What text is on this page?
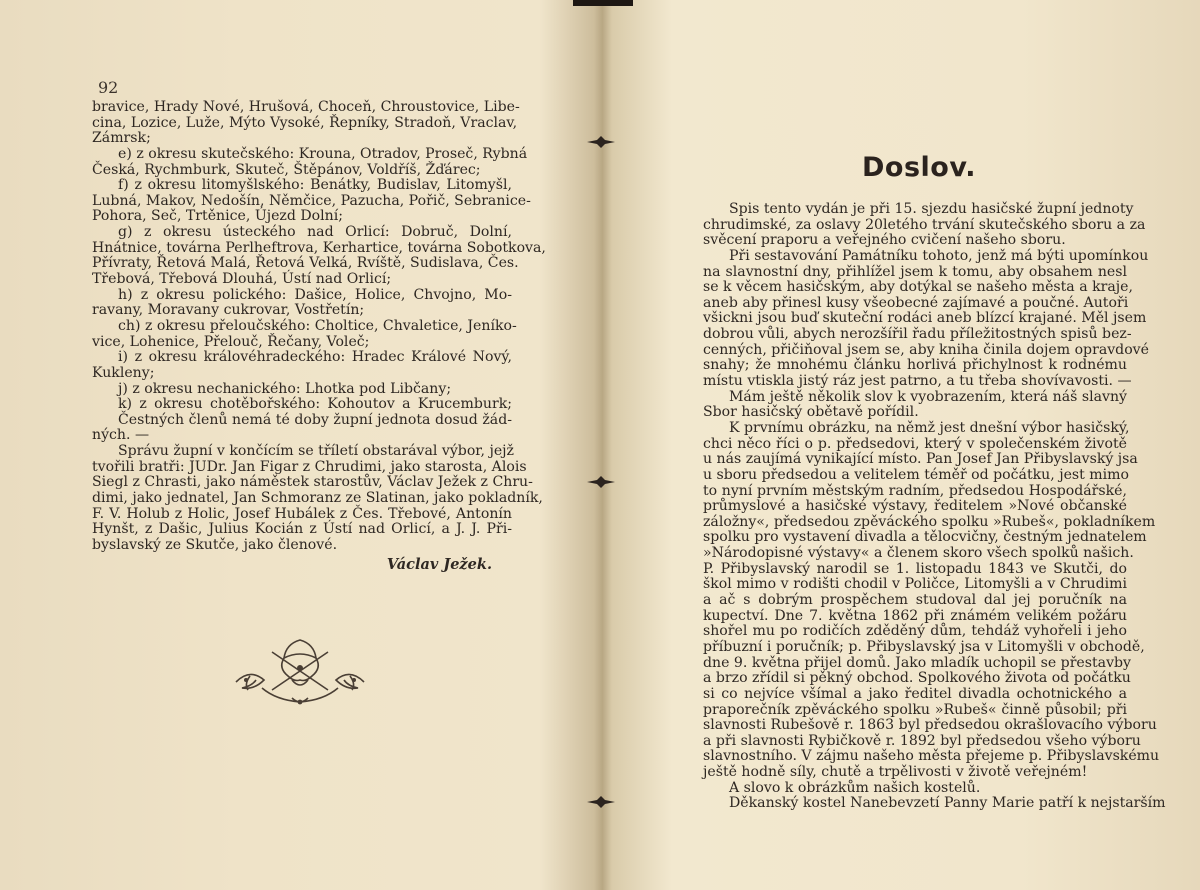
92
bravice, Hrady Nové, Hrušová, Choceň, Chroustovice, Libe-
cina, Lozice, Luže, Mýto Vysoké, Řepníky, Stradoň, Vraclav,
Zámrsk;
e) z okresu skutečského: Krouna, Otradov, Proseč, Rybná
Česká, Rychmburk, Skuteč, Štěpánov, Voldříš, Žďárec;
f) z okresu litomyšlského: Benátky, Budislav, Litomyšl,
Lubná, Makov, Nedošín, Němčice, Pazucha, Pořič, Sebranice-
Pohora, Seč, Trtěnice, Újezd Dolní;
g) z okresu ústeckého nad Orlicí: Dobruč, Dolní,
Hnátnice, továrna Perlheftrova, Kerhartice, továrna Sobotkova,
Přívraty, Řetová Malá, Řetová Velká, Rvíště, Sudislava, Čes.
Třebová, Třebová Dlouhá, Ústí nad Orlicí;
h) z okresu polického: Dašice, Holice, Chvojno, Mo-
ravany, Moravany cukrovar, Vostřetín;
ch) z okresu přeloučského: Choltice, Chvaletice, Jeníko-
vice, Lohenice, Přelouč, Řečany, Voleč;
i) z okresu královéhradeckého: Hradec Králové Nový,
Kukleny;
j) z okresu nechanického: Lhotka pod Libčany;
k) z okresu chotěbořského: Kohoutov a Krucemburk;
Čestných členů nemá té doby župní jednota dosud žád-
ných. —
Správu župní v končícím se tříletí obstarával výbor, jejž
tvořili bratři: JUDr. Jan Figar z Chrudimi, jako starosta, Alois
Siegl z Chrasti, jako náměstek starostův, Václav Ježek z Chru-
dimi, jako jednatel, Jan Schmoranz ze Slatinan, jako pokladník,
F. V. Holub z Holic, Josef Hubálek z Čes. Třebové, Antonín
Hynšt, z Dašic, Julius Kocián z Ústí nad Orlicí, a J. J. Při-
byslavský ze Skutče, jako členové.
Václav Ježek.
Doslov.
Spis tento vydán je při 15. sjezdu hasičské župní jednoty
chrudimské, za oslavy 20letého trvání skutečského sboru a za
svěcení praporu a veřejného cvičení našeho sboru.
Při sestavování Památníku tohoto, jenž má býti upomínkou
na slavnostní dny, přihlížel jsem k tomu, aby obsahem nesl
se k věcem hasičským, aby dotýkal se našeho města a kraje,
aneb aby přinesl kusy všeobecné zajímavé a poučné. Autoři
všickni jsou buď skuteční rodáci aneb blízcí krajané. Měl jsem
dobrou vůli, abych nerozšířil řadu příležitostných spisů bez-
cenných, přičiňoval jsem se, aby kniha činila dojem opravdové
snahy; že mnohému článku horlivá přichylnost k rodnému
místu vtiskla jistý ráz jest patrno, a tu třeba shovívavosti. —
Mám ještě několik slov k vyobrazením, která náš slavný
Sbor hasičský obětavě pořídil.
K prvnímu obrázku, na němž jest dnešní výbor hasičský,
chci něco říci o p. předsedovi, který v společenském životě
u nás zaujímá vynikající místo. Pan Josef Jan Přibyslavský jsa
u sboru předsedou a velitelem téměř od počátku, jest mimo
to nyní prvním městským radním, předsedou Hospodářské,
průmyslové a hasičské výstavy, ředitelem »Nové občanské
záložny«, předsedou zpěváckého spolku »Rubeš«, pokladníkem
spolku pro vystavení divadla a tělocvičny, čestným jednatelem
»Národopisné výstavy« a členem skoro všech spolků našich.
P. Přibyslavský narodil se 1. listopadu 1843 ve Skutči, do
škol mimo v rodišti chodil v Poličce, Litomyšli a v Chrudimi
a ač s dobrým prospěchem studoval dal jej poručník na
kupectví. Dne 7. května 1862 při známém velikém požáru
shořel mu po rodičích zděděný dům, tehdáž vyhořeli i jeho
příbuzní i poručník; p. Přibyslavský jsa v Litomyšli v obchodě,
dne 9. května přijel domů. Jako mladík uchopil se přestavby
a brzo zřídil si pěkný obchod. Spolkového života od počátku
si co nejvíce všímal a jako ředitel divadla ochotnického a
praporečník zpěváckého spolku »Rubeš« činně působil; při
slavnosti Rubešově r. 1863 byl předsedou okrašlovacího výboru
a při slavnosti Rybičkově r. 1892 byl předsedou všeho výboru
slavnostního. V zájmu našeho města přejeme p. Přibyslavskému
ještě hodně síly, chutě a trpělivosti v životě veřejném!
A slovo k obrázkům našich kostelů.
Děkanský kostel Nanebevzetí Panny Marie patří k nejstarším
